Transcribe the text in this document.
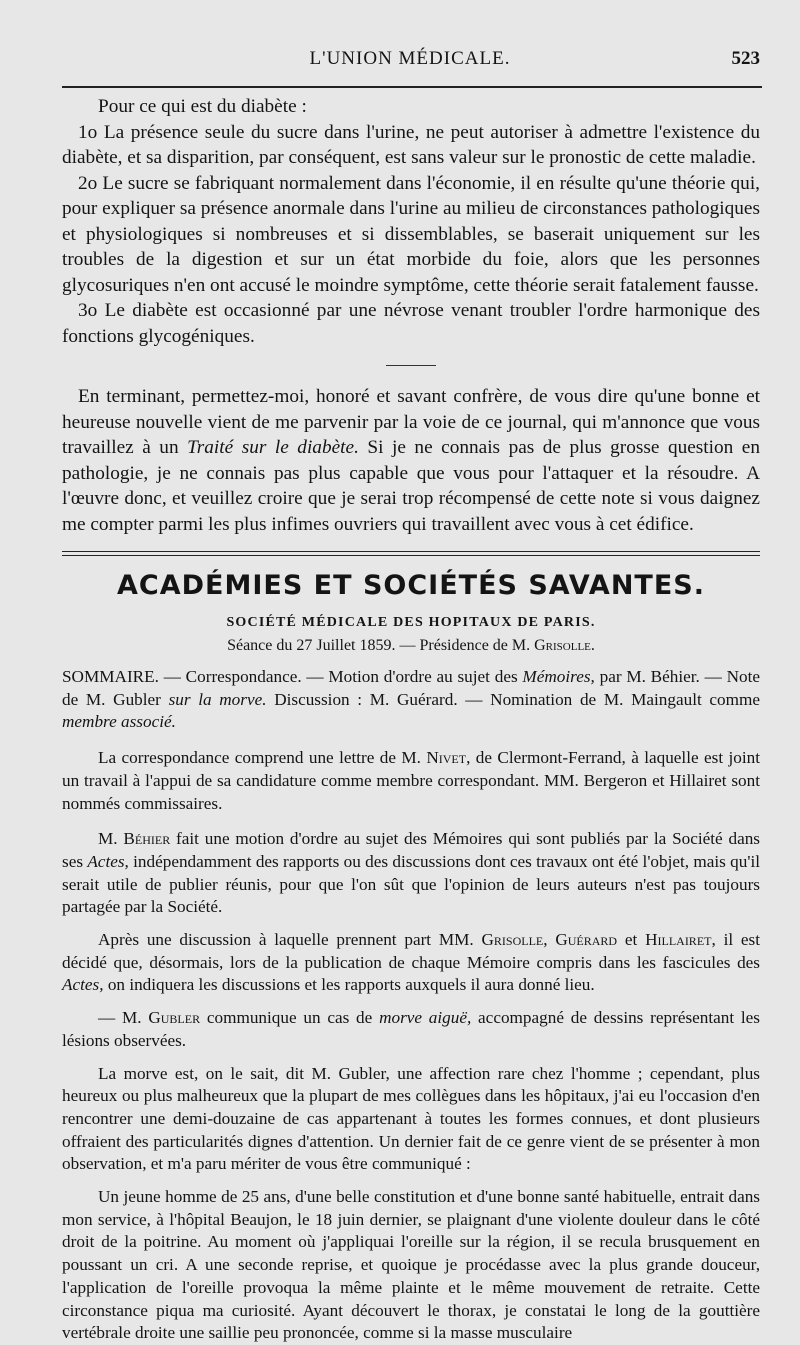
L'UNION MÉDICALE.	523

Pour ce qui est du diabète :

1o La présence seule du sucre dans l'urine, ne peut autoriser à admettre l'existence du diabète, et sa disparition, par conséquent, est sans valeur sur le pronostic de cette maladie.

2o Le sucre se fabriquant normalement dans l'économie, il en résulte qu'une théorie qui, pour expliquer sa présence anormale dans l'urine au milieu de circonstances pathologiques et physiologiques si nombreuses et si dissemblables, se baserait uniquement sur les troubles de la digestion et sur un état morbide du foie, alors que les personnes glycosuriques n'en ont accusé le moindre symptôme, cette théorie serait fatalement fausse.

3o Le diabète est occasionné par une névrose venant troubler l'ordre harmonique des fonctions glycogéniques.

En terminant, permettez-moi, honoré et savant confrère, de vous dire qu'une bonne et heureuse nouvelle vient de me parvenir par la voie de ce journal, qui m'annonce que vous travaillez à un Traité sur le diabète. Si je ne connais pas de plus grosse question en pathologie, je ne connais pas plus capable que vous pour l'attaquer et la résoudre. A l'œuvre donc, et veuillez croire que je serai trop récompensé de cette note si vous daignez me compter parmi les plus infimes ouvriers qui travaillent avec vous à cet édifice.

ACADÉMIES ET SOCIÉTÉS SAVANTES.
SOCIÉTÉ MÉDICALE DES HOPITAUX DE PARIS.
Séance du 27 Juillet 1859. — Présidence de M. Grisolle.

SOMMAIRE. — Correspondance. — Motion d'ordre au sujet des Mémoires, par M. Béhier. — Note de M. Gubler sur la morve. Discussion : M. Guérard. — Nomination de M. Maingault comme membre associé.

La correspondance comprend une lettre de M. Nivet, de Clermont-Ferrand, à laquelle est joint un travail à l'appui de sa candidature comme membre correspondant. MM. Bergeron et Hillairet sont nommés commissaires.

M. Béhier fait une motion d'ordre au sujet des Mémoires qui sont publiés par la Société dans ses Actes, indépendamment des rapports ou des discussions dont ces travaux ont été l'objet, mais qu'il serait utile de publier réunis, pour que l'on sût que l'opinion de leurs auteurs n'est pas toujours partagée par la Société.

Après une discussion à laquelle prennent part MM. Grisolle, Guérard et Hillairet, il est décidé que, désormais, lors de la publication de chaque Mémoire compris dans les fascicules des Actes, on indiquera les discussions et les rapports auxquels il aura donné lieu.

— M. Gubler communique un cas de morve aiguë, accompagné de dessins représentant les lésions observées.

La morve est, on le sait, dit M. Gubler, une affection rare chez l'homme ; cependant, plus heureux ou plus malheureux que la plupart de mes collègues dans les hôpitaux, j'ai eu l'occasion d'en rencontrer une demi-douzaine de cas appartenant à toutes les formes connues, et dont plusieurs offraient des particularités dignes d'attention. Un dernier fait de ce genre vient de se présenter à mon observation, et m'a paru mériter de vous être communiqué :

Un jeune homme de 25 ans, d'une belle constitution et d'une bonne santé habituelle, entrait dans mon service, à l'hôpital Beaujon, le 18 juin dernier, se plaignant d'une violente douleur dans le côté droit de la poitrine. Au moment où j'appliquai l'oreille sur la région, il se recula brusquement en poussant un cri. A une seconde reprise, et quoique je procédasse avec la plus grande douceur, l'application de l'oreille provoqua la même plainte et le même mouvement de retraite. Cette circonstance piqua ma curiosité. Ayant découvert le thorax, je constatai le long de la gouttière vertébrale droite une saillie peu prononcée, comme si la masse musculaire
